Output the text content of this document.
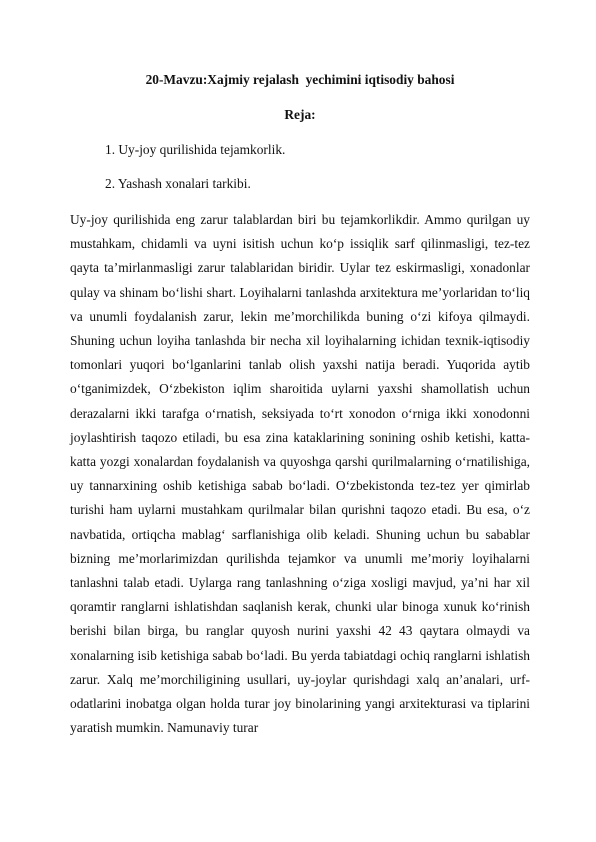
20-Mavzu:Xajmiy rejalash  yechimini iqtisodiy bahosi
Reja:
1. Uy-joy qurilishida tejamkorlik.
2. Yashash xonalari tarkibi.
Uy-joy qurilishida eng zarur talablardan biri bu tejamkorlikdir. Ammo qurilgan uy mustahkam, chidamli va uyni isitish uchun ko‘p issiqlik sarf qilinmasligi, tez-tez qayta ta’mirlanmasligi zarur talablaridan biridir. Uylar tez eskirmasligi, xonadonlar qulay va shinam bo‘lishi shart. Loyihalarni tanlashda arxitektura me’yorlaridan to‘liq va unumli foydalanish zarur, lekin me’morchilikda buning o‘zi kifoya qilmaydi. Shuning uchun loyiha tanlashda bir necha xil loyihalarning ichidan texnik-iqtisodiy tomonlari yuqori bo‘lganlarini tanlab olish yaxshi natija beradi. Yuqorida aytib o‘tganimizdek, O‘zbekiston iqlim sharoitida uylarni yaxshi shamollatish uchun derazalarni ikki tarafga o‘rnatish, seksiyada to‘rt xonodon o‘rniga ikki xonodonni joylashtirish taqozo etiladi, bu esa zina kataklarining sonining oshib ketishi, katta-katta yozgi xonalardan foydalanish va quyoshga qarshi qurilmalarning o‘rnatilishiga, uy tannarxining oshib ketishiga sabab bo‘ladi. O‘zbekistonda tez-tez yer qimirlab turishi ham uylarni mustahkam qurilmalar bilan qurishni taqozo etadi. Bu esa, o‘z navbatida, ortiqcha mablag‘ sarflanishiga olib keladi. Shuning uchun bu sabablar bizning me’morlarimizdan qurilishda tejamkor va unumli me’moriy loyihalarni tanlashni talab etadi. Uylarga rang tanlashning o‘ziga xosligi mavjud, ya’ni har xil qoramtir ranglarni ishlatishdan saqlanish kerak, chunki ular binoga xunuk ko‘rinish berishi bilan birga, bu ranglar quyosh nurini yaxshi 42 43 qaytara olmaydi va xonalarning isib ketishiga sabab bo‘ladi. Bu yerda tabiatdagi ochiq ranglarni ishlatish zarur. Xalq me’morchiligining usullari, uy-joylar qurishdagi xalq an’analari, urf-odatlarini inobatga olgan holda turar joy binolarining yangi arxitekturasi va tiplarini yaratish mumkin. Namunaviy turar
